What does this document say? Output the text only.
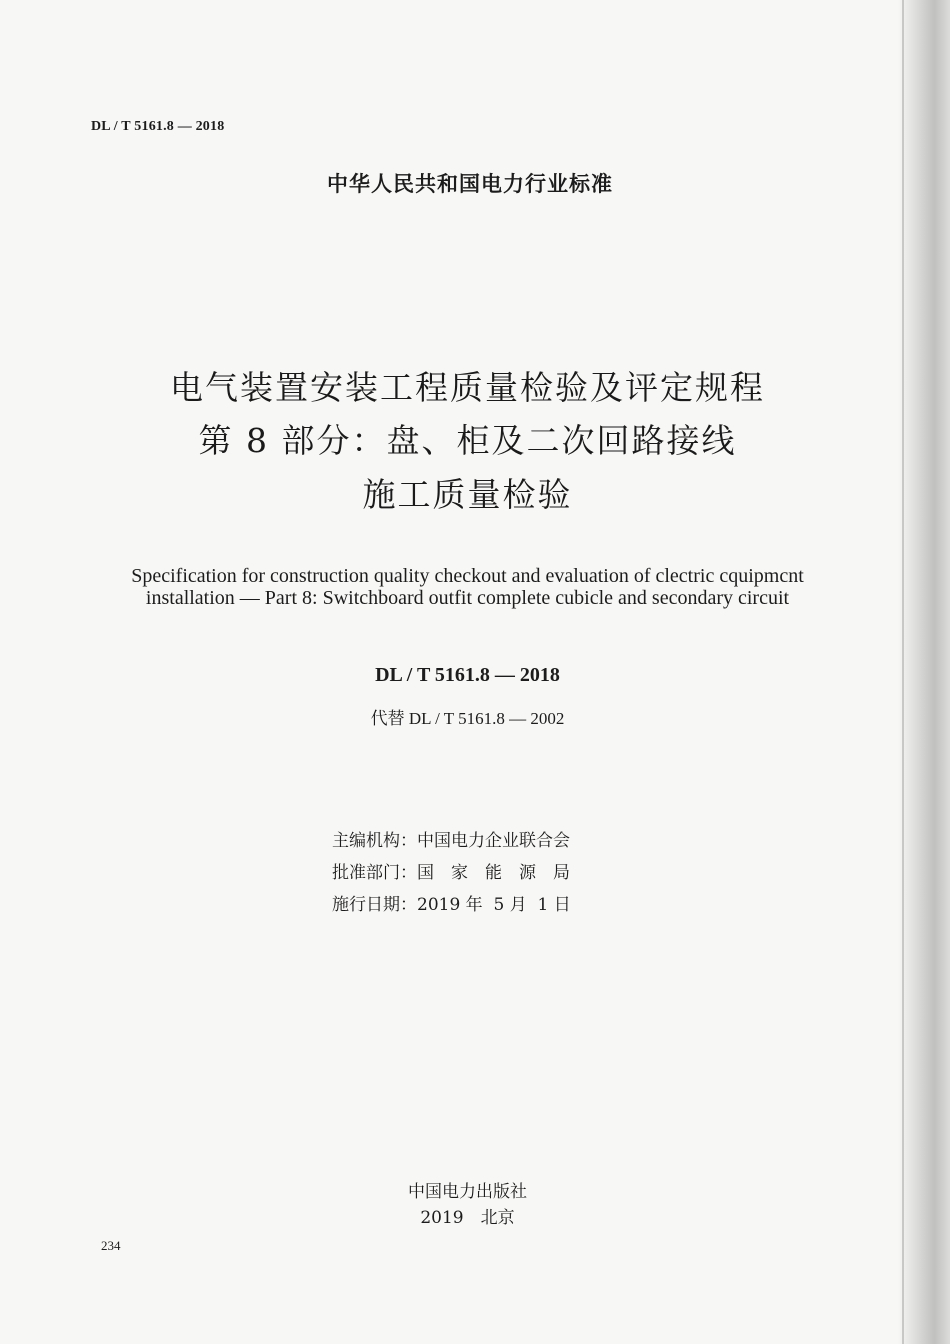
DL / T 5161.8 — 2018
中华人民共和国电力行业标准
电气装置安装工程质量检验及评定规程
第 8 部分：盘、柜及二次回路接线
施工质量检验
Specification for construction quality checkout and evaluation of clectric cquipmcnt
installation — Part 8: Switchboard outfit complete cubicle and secondary circuit
DL / T 5161.8 — 2018
代替 DL / T 5161.8 — 2002
主编机构：中国电力企业联合会
批准部门：国　家　能　源　局
施行日期：2019 年  5 月  1 日
中国电力出版社
2019　北京
234
